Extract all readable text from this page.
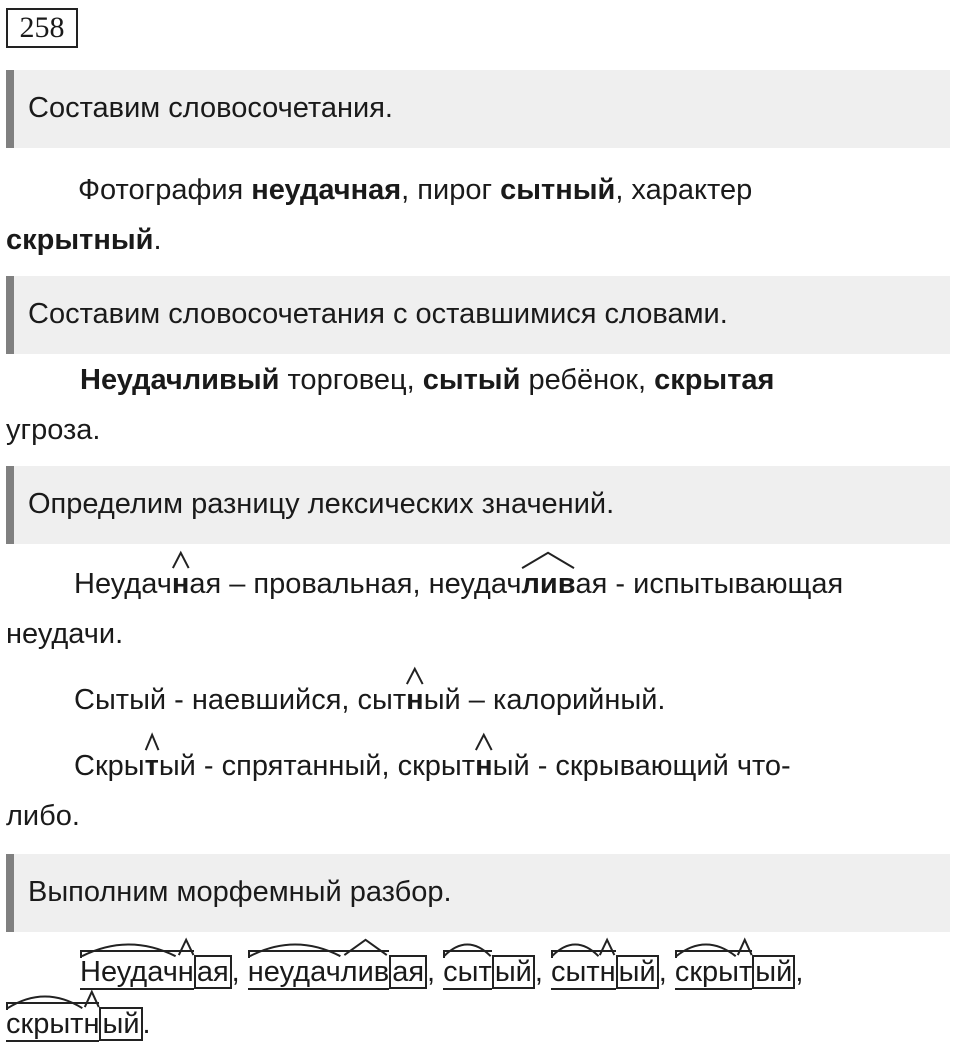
258
Составим словосочетания.
Фотография неудачная, пирог сытный, характер
скрытный.
Составим словосочетания с оставшимися словами.
Неудачливый торговец, сытый ребёнок, скрытая
угроза.
Определим разницу лексических значений.
Неудач
ная – провальная, неудач
ливая - испытывающая
неудачи.
Сытый - наевшийся, сыт
ный – калорийный.
Скры
тый - спрятанный, скрыт
ный - скрывающий что-
либо.
Выполним морфемный разбор.
Неудачн ая , неудачлив ая , сыт ый , сытн ый , скрыт ый ,
скрытн ый .
